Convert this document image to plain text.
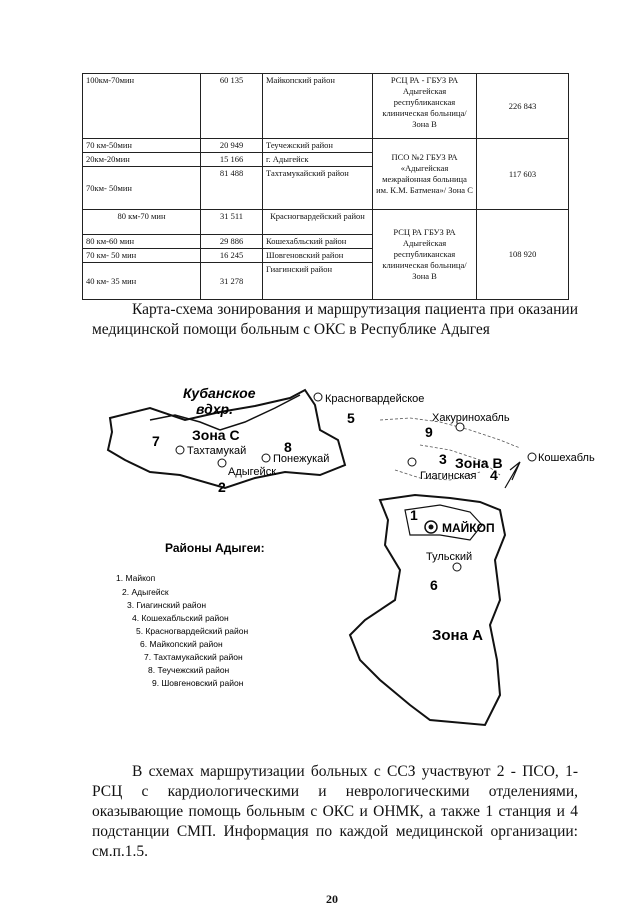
100км-70мин	60 135	Майкопский район	РСЦ РА - ГБУЗ РА Адыгейская республиканская клиническая больница/ Зона В	226 843
70 км-50мин	20 949	Теучежский район	ПСО №2 ГБУЗ РА «Адыгейская межрайонная больница им. К.М. Батмена»/ Зона С	117 603
20км-20мин	15 166	г. Адыгейск		
70км- 50мин	81 488	Тахтамукайский район		
80 км-70 мин	31 511	Красногвардейский район	РСЦ РА ГБУЗ РА Адыгейская республиканская клиническая больница/ Зона В	108 920
80 км-60 мин	29 886	Кошехабльский район		
70 км- 50 мин	16 245	Шовгеновский район		
40 км- 35 мин	31 278	Гиагинский район		
Карта-схема зонирования и маршрутизация пациента при оказании медицинской помощи больным с ОКС в Республике Адыгея
Кубанское
вдхр.
Красногвардейское
Хакуринохабль
Кошехабль
Гиагинская
МАЙКОП
Тульский
Тахтамукай
Адыгейск
Понежукай
Зона С
Зона В
Зона А
1
2
3
4
5
6
7	8
9
Районы Адыгеи:
1. Майкоп
2. Адыгейск
3. Гиагинский район
4. Кошехабльский район
5. Красногвардейский район
6. Майкопский район
7. Тахтамукайский район
8. Теучежский район
9. Шовгеновский район
В схемах маршрутизации больных с ССЗ участвуют 2 - ПСО, 1-РСЦ с кардиологическими и неврологическими отделениями, оказывающие помощь больным с ОКС и ОНМК, а также 1 станция и 4 подстанции СМП. Информация по каждой медицинской организации: см.п.1.5.
20
